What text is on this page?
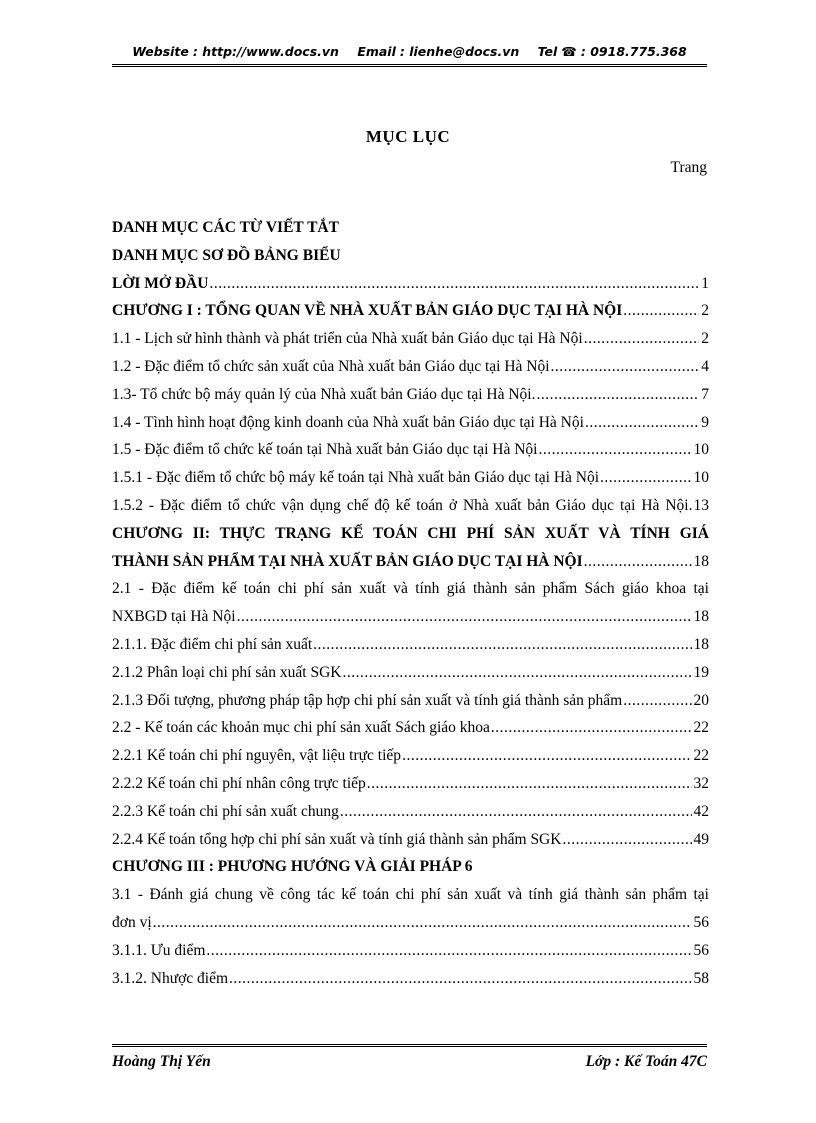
Website : http://www.docs.vn Email : lienhe@docs.vn Tel ☎ : 0918.775.368
MỤC LỤC
Trang
DANH MỤC CÁC TỪ VIẾT TẮT
DANH MỤC SƠ ĐỒ BẢNG BIỂU
LỜI MỞ ĐẦU .....	1
CHƯƠNG I : TỔNG QUAN VỀ NHÀ XUẤT BẢN GIÁO DỤC TẠI HÀ NỘI .....	2
1.1 - Lịch sử hình thành và phát triển của Nhà xuất bản Giáo dục tại Hà Nội .....	2
1.2 - Đặc điểm tổ chức sản xuất của Nhà xuất bản Giáo dục tại Hà Nội .....	4
1.3- Tổ chức bộ máy quản lý của Nhà xuất bản Giáo dục tại Hà Nội. .....	7
1.4 - Tình hình hoạt động kinh doanh của Nhà xuất bản Giáo dục tại Hà Nội .....	9
1.5 - Đặc điểm tổ chức kế toán tại Nhà xuất bản Giáo dục tại Hà Nội .....	10
1.5.1 - Đặc điểm tổ chức bộ máy kế toán tại Nhà xuất bản Giáo dục tại Hà Nội .....	10
1.5.2 - Đặc điểm tổ chức vận dụng chế độ kế toán ở Nhà xuất bản Giáo dục tại Hà Nội. 13
CHƯƠNG II: THỰC TRẠNG KẾ TOÁN CHI PHÍ SẢN XUẤT VÀ TÍNH GIÁ
THÀNH SẢN PHẨM TẠI NHÀ XUẤT BẢN GIÁO DỤC TẠI HÀ NỘI .....	18
2.1 - Đặc điểm kế toán chi phí sản xuất và tính giá thành sản phẩm Sách giáo khoa tại
NXBGD tại Hà Nội .....	18
2.1.1. Đặc điểm chi phí sản xuất .....	18
2.1.2 Phân loại chi phí sản xuất SGK .....	19
2.1.3 Đối tượng, phương pháp tập hợp chi phí sản xuất và tính giá thành sản phẩm .....	20
2.2 - Kế toán các khoản mục chi phí sản xuất Sách giáo khoa .....	22
2.2.1 Kế toán chi phí nguyên, vật liệu trực tiếp .....	22
2.2.2 Kế toán chi phí nhân công trực tiếp .....	32
2.2.3 Kế toán chi phí sản xuất chung .....	42
2.2.4 Kế toán tổng hợp chi phí sản xuất và tính giá thành sản phẩm SGK .....	49
CHƯƠNG III : PHƯƠNG HƯỚNG VÀ GIẢI PHÁP 6
3.1 - Đánh giá chung về công tác kế toán chi phí sản xuất và tính giá thành sản phẩm tại
đơn vị .....	56
3.1.1. Ưu điểm .....	56
3.1.2. Nhược điểm .....	58
Hoàng Thị Yến	Lớp : Kế Toán 47C
